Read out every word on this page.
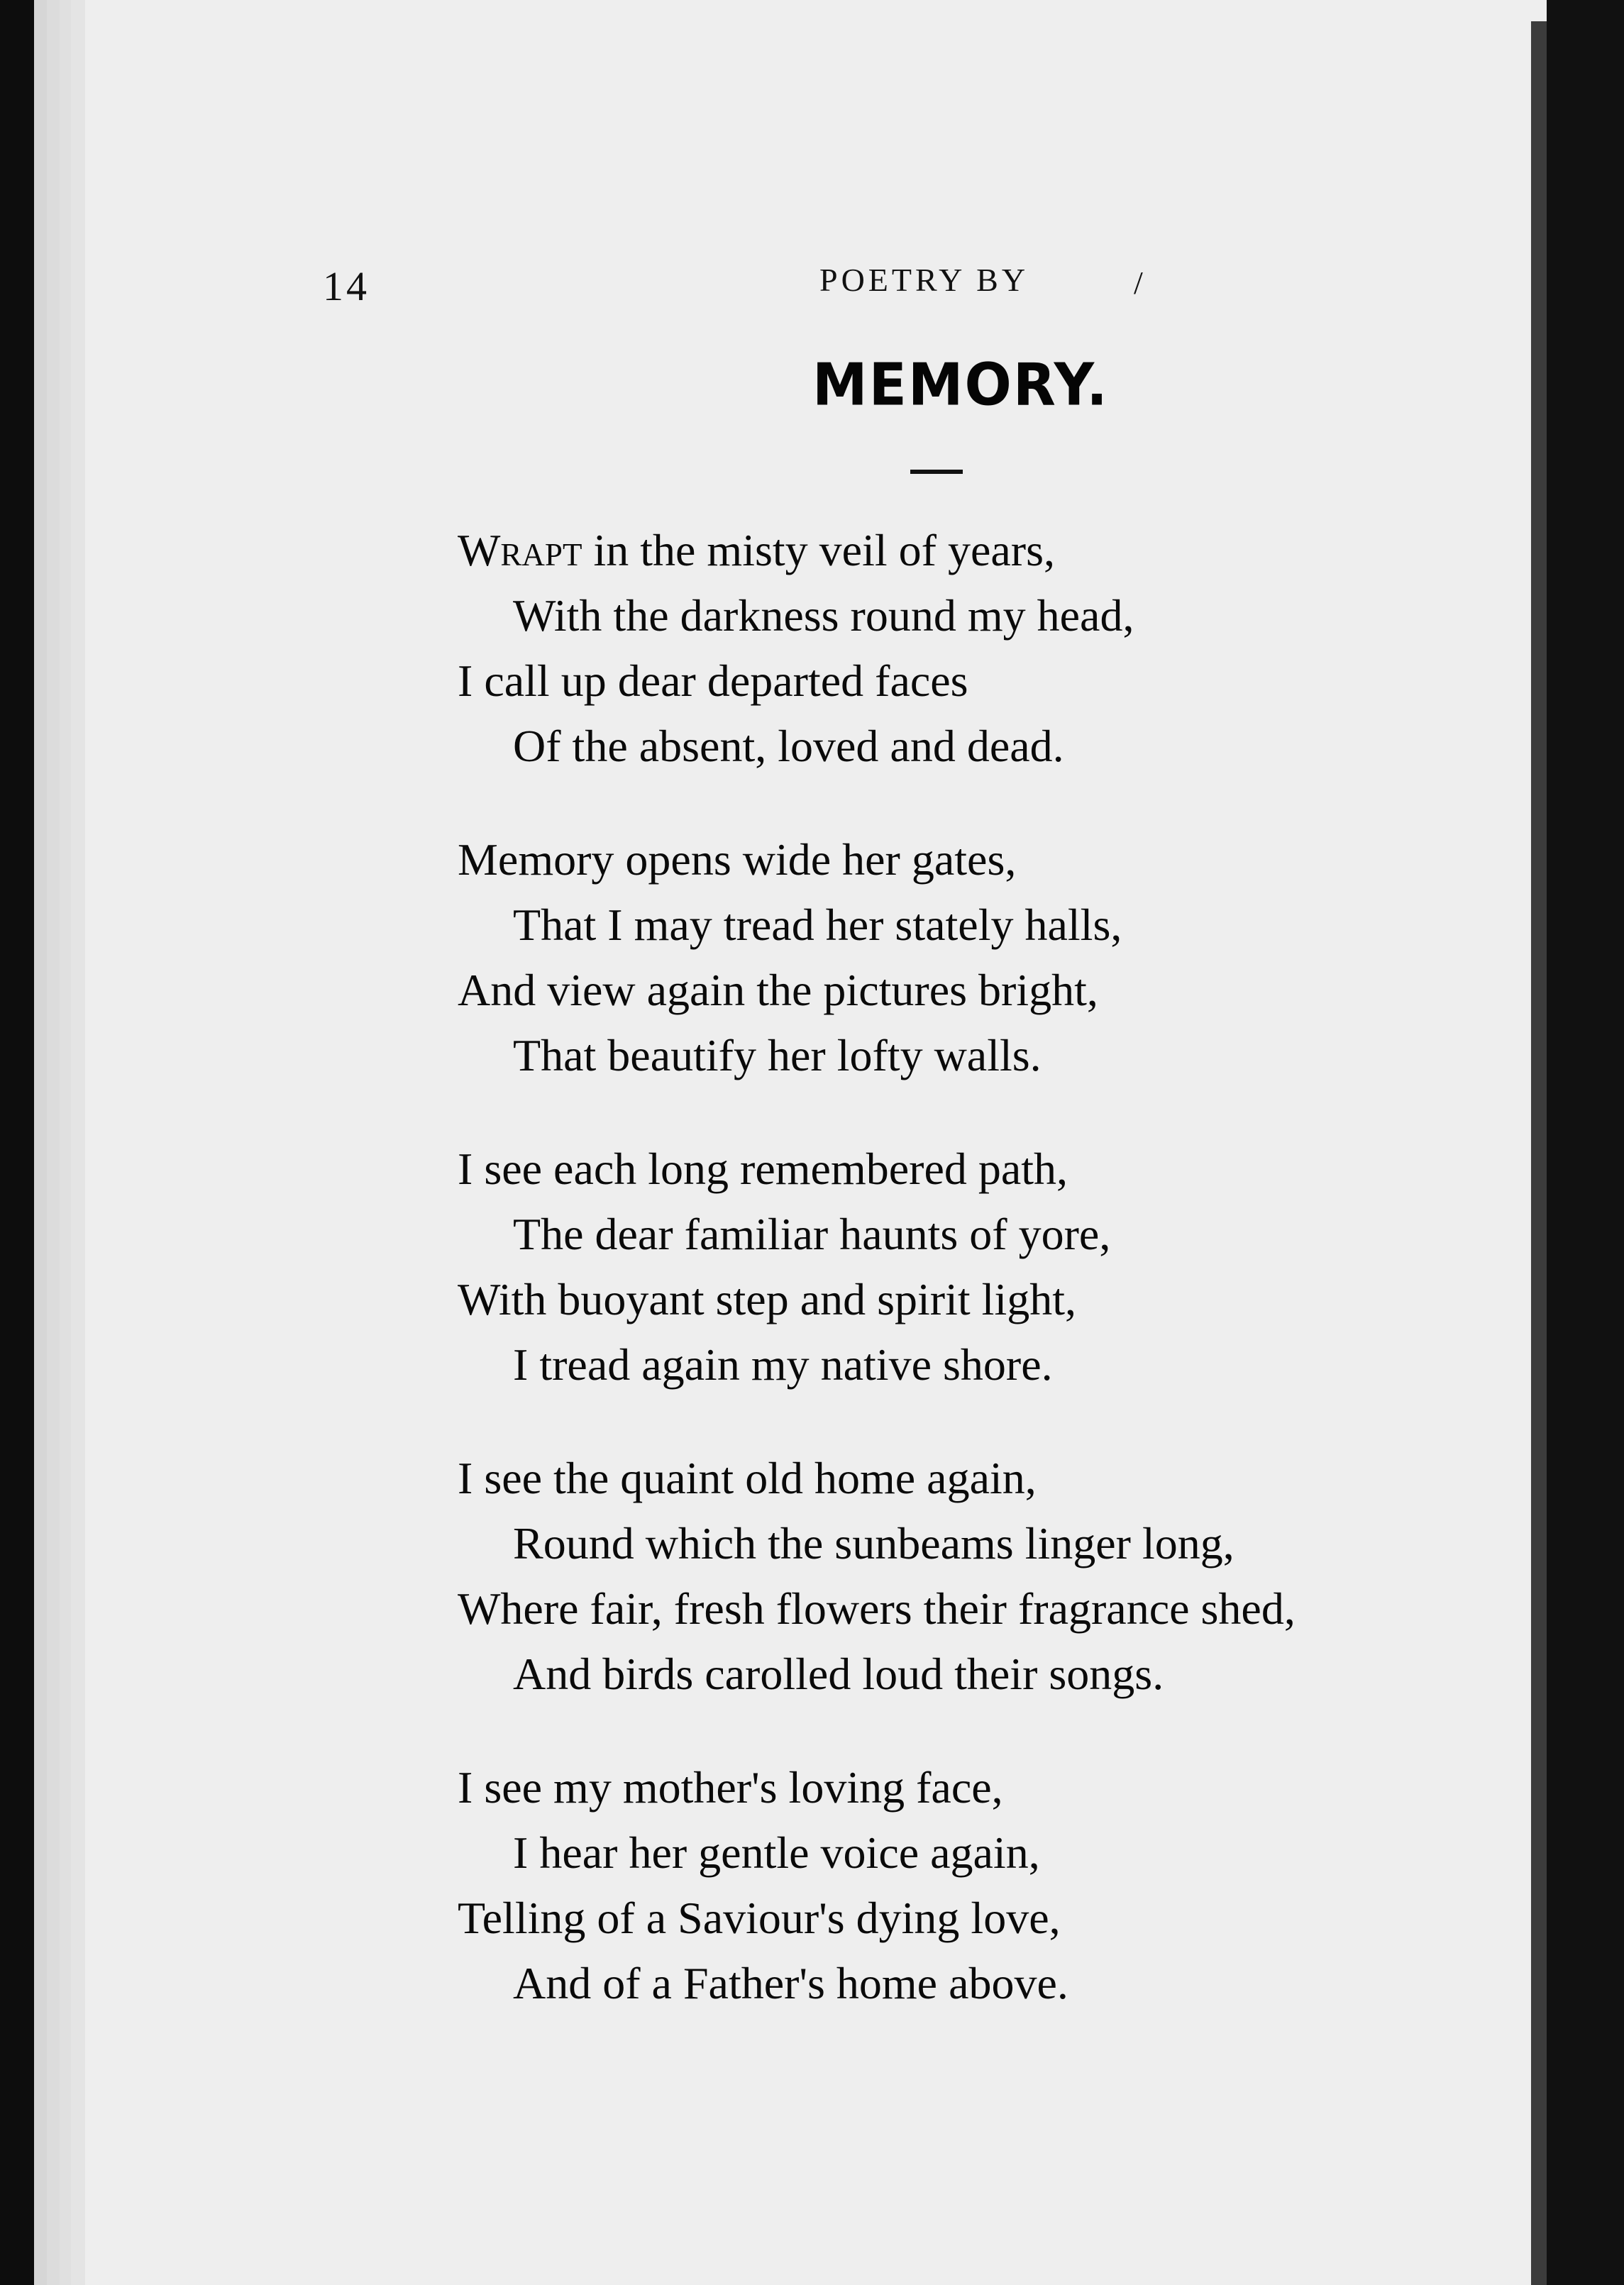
14	POETRY BY	/
MEMORY.
Wrapt in the misty veil of years,
With the darkness round my head,
I call up dear departed faces
Of the absent, loved and dead.
Memory opens wide her gates,
That I may tread her stately halls,
And view again the pictures bright,
That beautify her lofty walls.
I see each long remembered path,
The dear familiar haunts of yore,
With buoyant step and spirit light,
I tread again my native shore.
I see the quaint old home again,
Round which the sunbeams linger long,
Where fair, fresh flowers their fragrance shed,
And birds carolled loud their songs.
I see my mother's loving face,
I hear her gentle voice again,
Telling of a Saviour's dying love,
And of a Father's home above.
